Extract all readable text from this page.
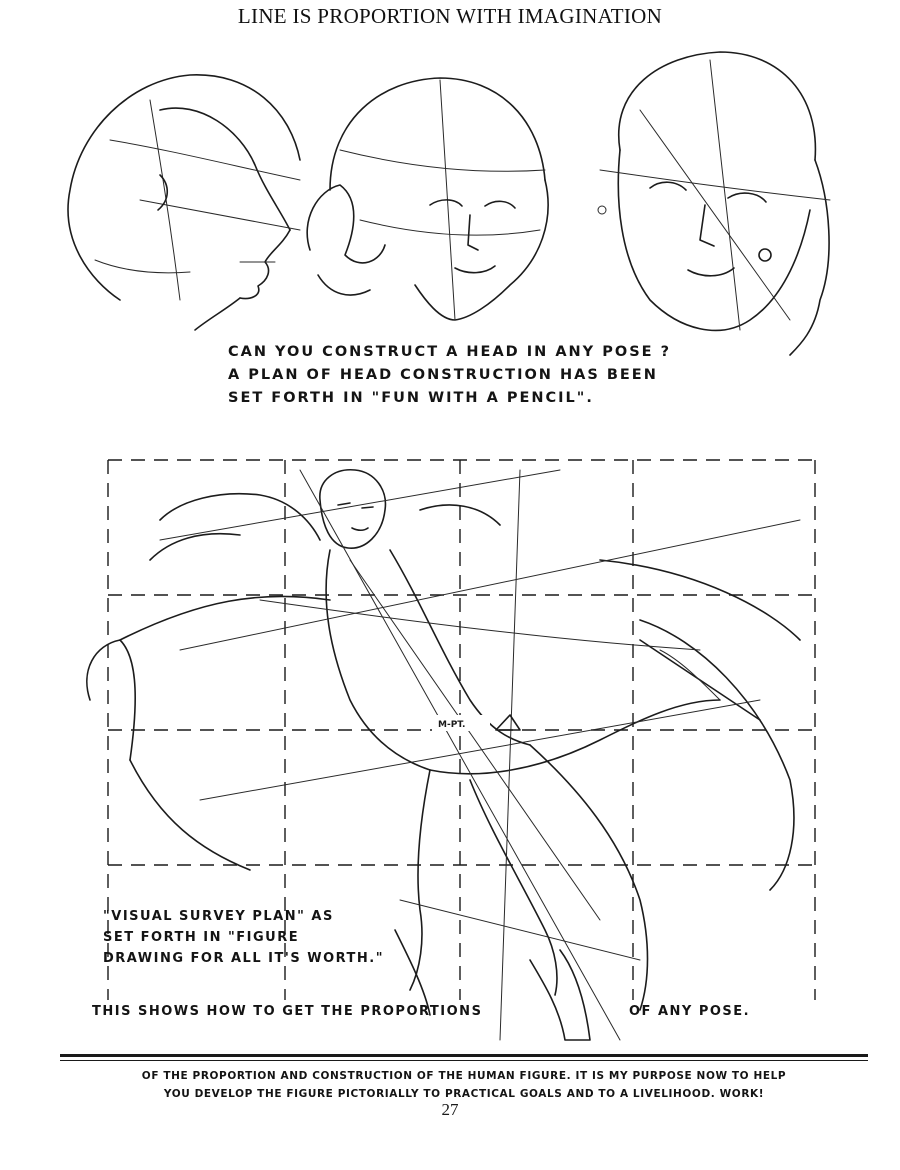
LINE IS PROPORTION WITH IMAGINATION
M-PT.
CAN YOU CONSTRUCT A HEAD IN ANY POSE ?
A PLAN OF HEAD CONSTRUCTION HAS BEEN
SET FORTH IN "FUN WITH A PENCIL".
"VISUAL SURVEY PLAN" AS
SET FORTH IN "FIGURE
DRAWING FOR ALL IT'S WORTH."
THIS SHOWS HOW TO GET THE PROPORTIONS	OF ANY POSE.
OF THE PROPORTION AND CONSTRUCTION OF THE HUMAN FIGURE. IT IS MY PURPOSE NOW TO HELP
YOU DEVELOP THE FIGURE PICTORIALLY TO PRACTICAL GOALS AND TO A LIVELIHOOD. WORK!
27
